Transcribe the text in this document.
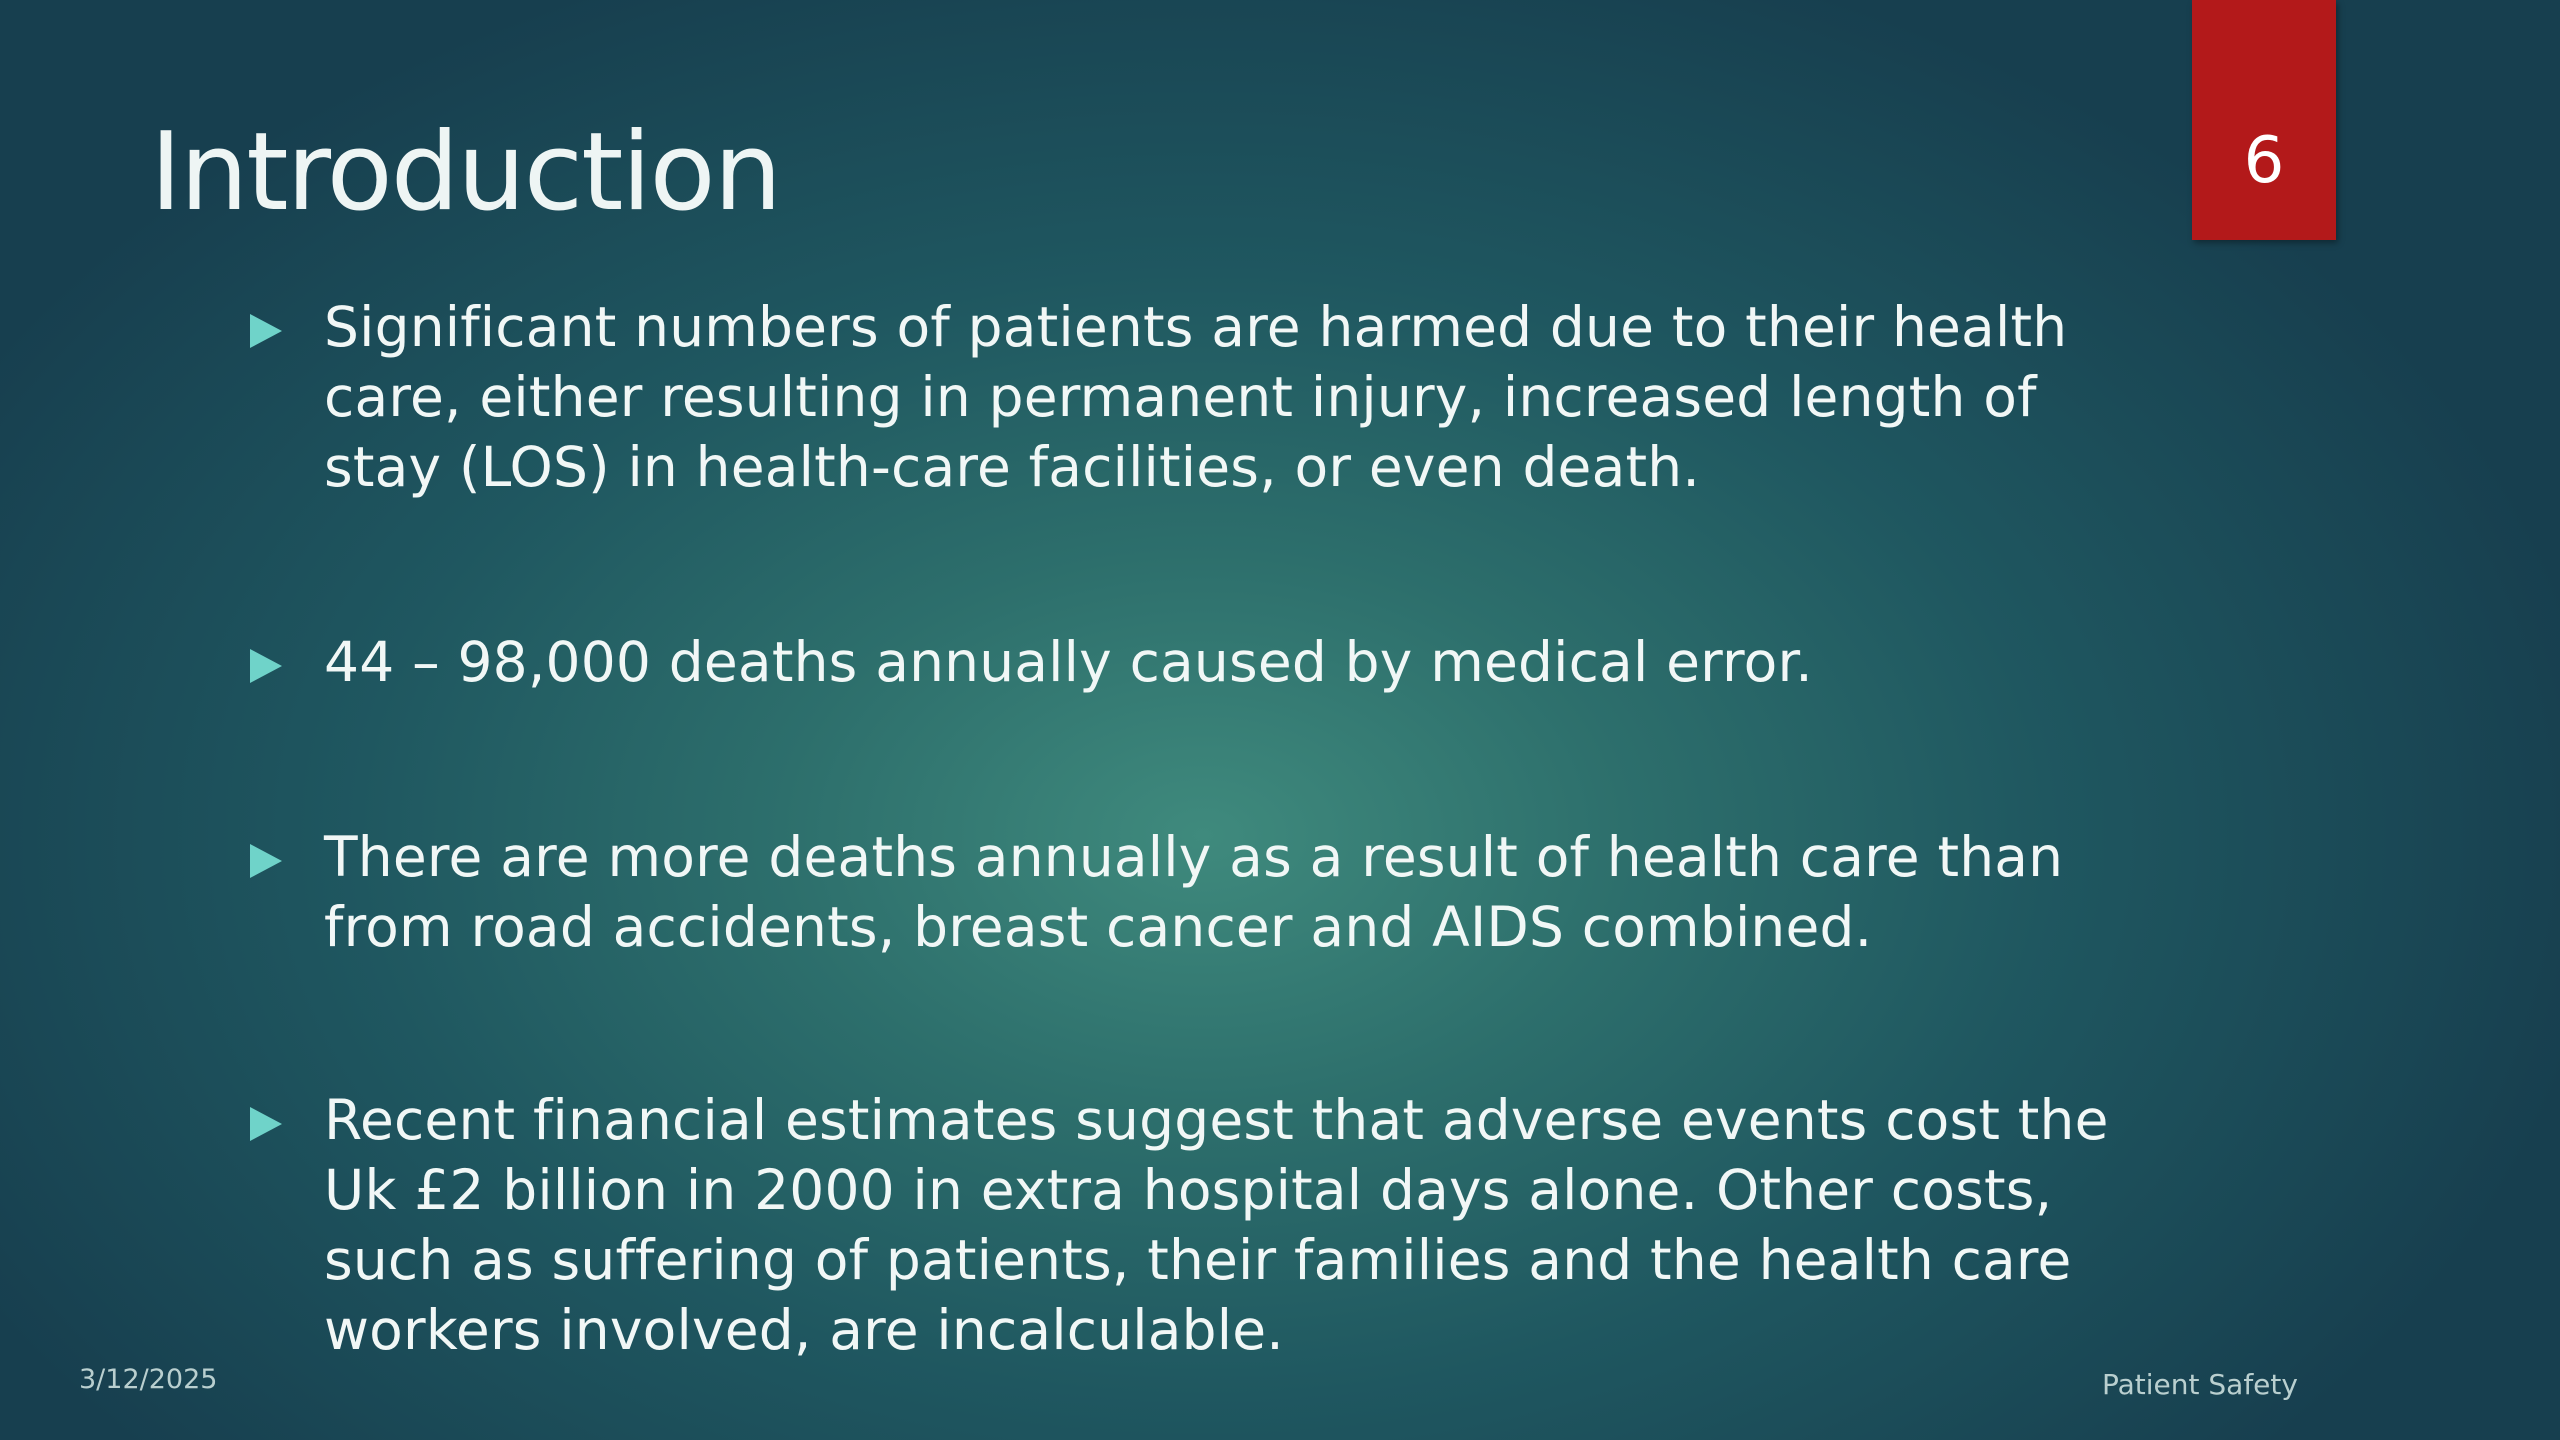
Introduction	6
Significant numbers of patients are harmed due to their health care, either resulting in permanent injury, increased length of stay (LOS) in health-care facilities, or even death.
44 – 98,000 deaths annually caused by medical error.
There are more deaths annually as a result of health care than from road accidents, breast cancer and AIDS combined.
Recent financial estimates suggest that adverse events cost the Uk £2 billion in 2000 in extra hospital days alone. Other costs, such as suffering of patients, their families and the health care workers involved, are incalculable.
3/12/2025	Patient Safety
